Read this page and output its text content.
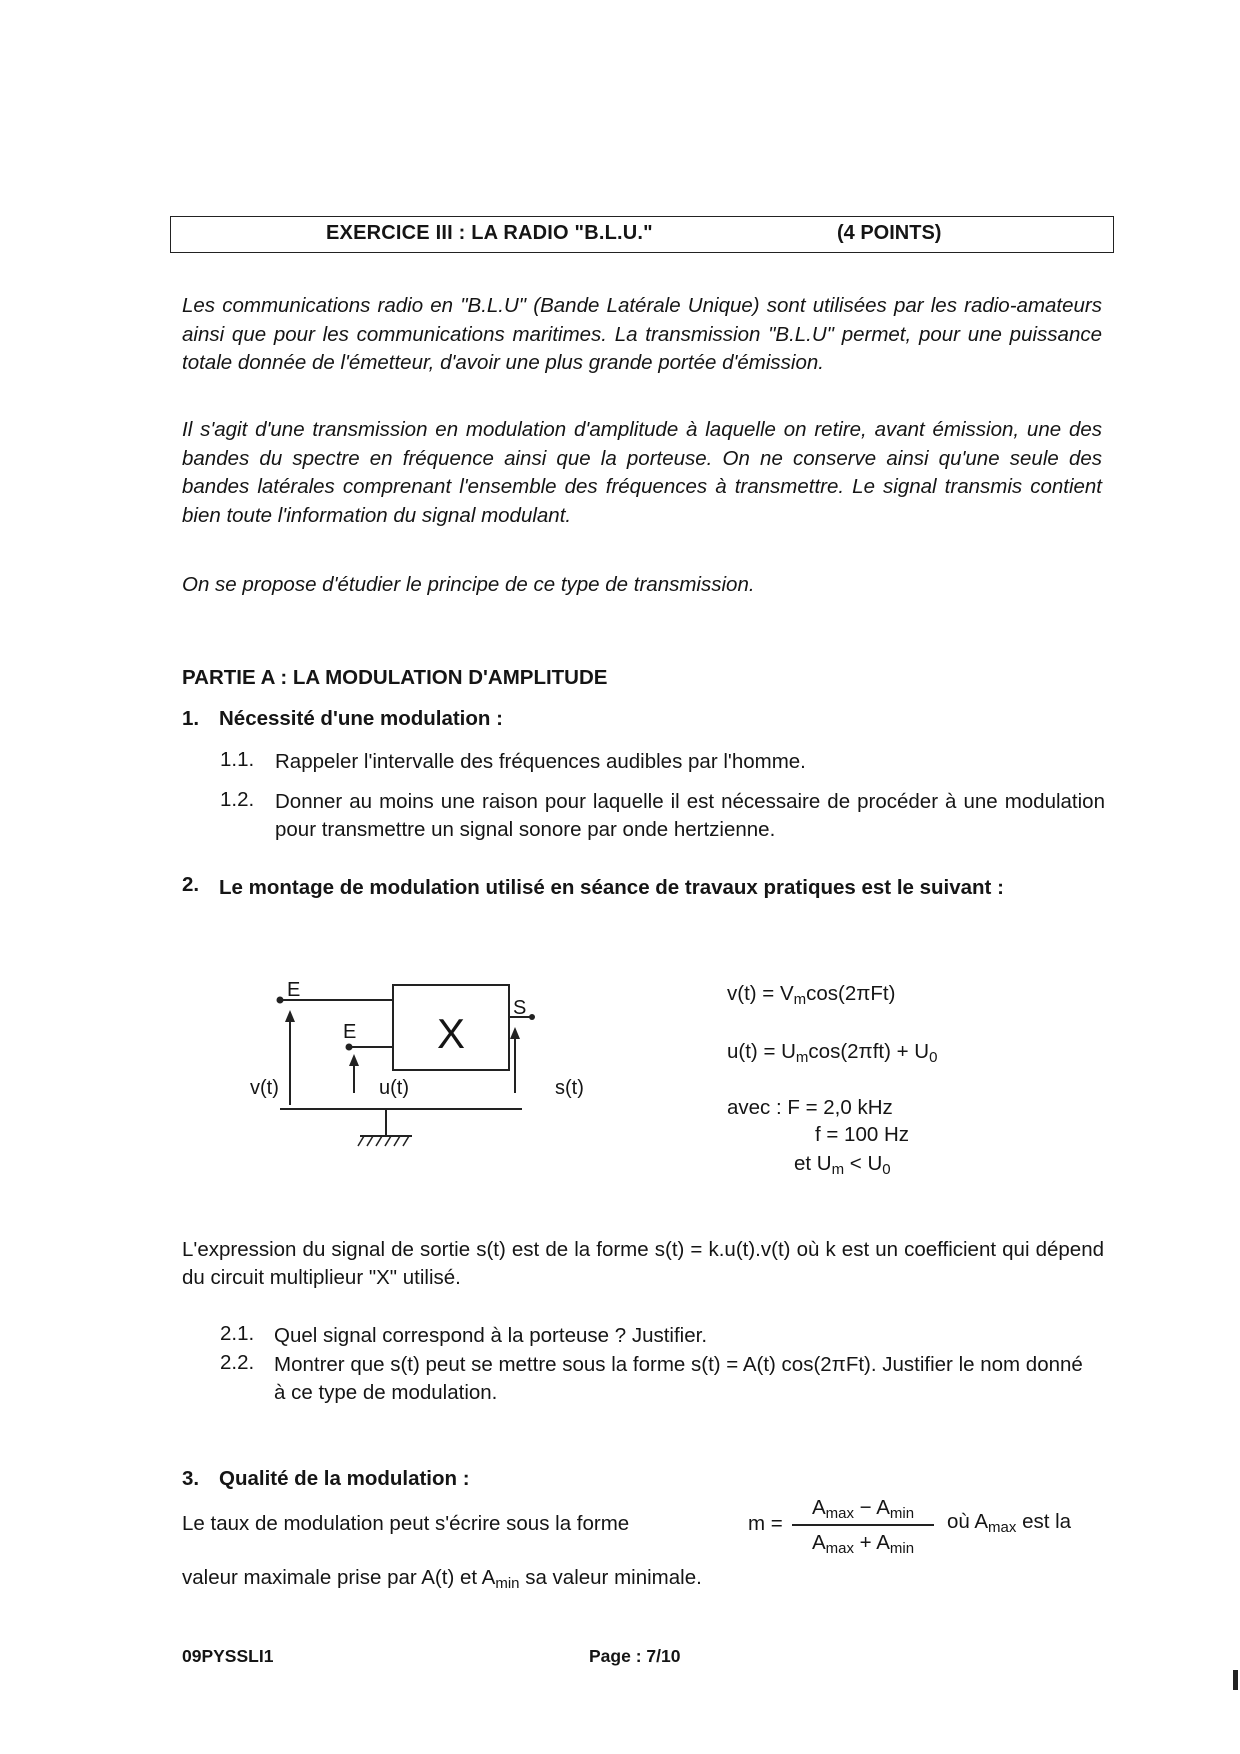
EXERCICE III : LA RADIO "B.L.U."	(4 POINTS)

Les communications radio en "B.L.U" (Bande Latérale Unique) sont utilisées par les radio-amateurs ainsi que pour les communications maritimes. La transmission "B.L.U" permet, pour une puissance totale donnée de l'émetteur, d'avoir une plus grande portée d'émission.

Il s'agit d'une transmission en modulation d'amplitude à laquelle on retire, avant émission, une des bandes du spectre en fréquence ainsi que la porteuse. On ne conserve ainsi qu'une seule des bandes latérales comprenant l'ensemble des fréquences à transmettre. Le signal transmis contient bien toute l'information du signal modulant.

On se propose d'étudier le principe de ce type de transmission.

PARTIE A : LA MODULATION D'AMPLITUDE

1. Nécessité d'une modulation :
1.1. Rappeler l'intervalle des fréquences audibles par l'homme.

1.2. Donner au moins une raison pour laquelle il est nécessaire de procéder à une modulation pour transmettre un signal sonore par onde hertzienne.

2. Le montage de modulation utilisé en séance de travaux pratiques est le suivant :

E
E
S
X
v(t)	u(t)	s(t)
$v(t) = V_m\cos(2\pi Ft)$
$u(t) = U_m\cos(2\pi ft) + U_0$
avec : F = 2,0 kHz
f = 100 Hz
et $U_m < U_0$

L'expression du signal de sortie s(t) est de la forme s(t) = k.u(t).v(t) où k est un coefficient qui dépend du circuit multiplieur "X" utilisé.

2.1. Quel signal correspond à la porteuse ? Justifier.

2.2. Montrer que s(t) peut se mettre sous la forme s(t) = A(t) cos(2πFt). Justifier le nom donné à ce type de modulation.

3. Qualité de la modulation :
Le taux de modulation peut s'écrire sous la forme	m =
$A_{max} - A_{min}$
$A_{max} + A_{min}$
où $A_{max}$ est la
valeur maximale prise par A(t) et $A_{min}$ sa valeur minimale.
09PYSSLI1	Page : 7/10
